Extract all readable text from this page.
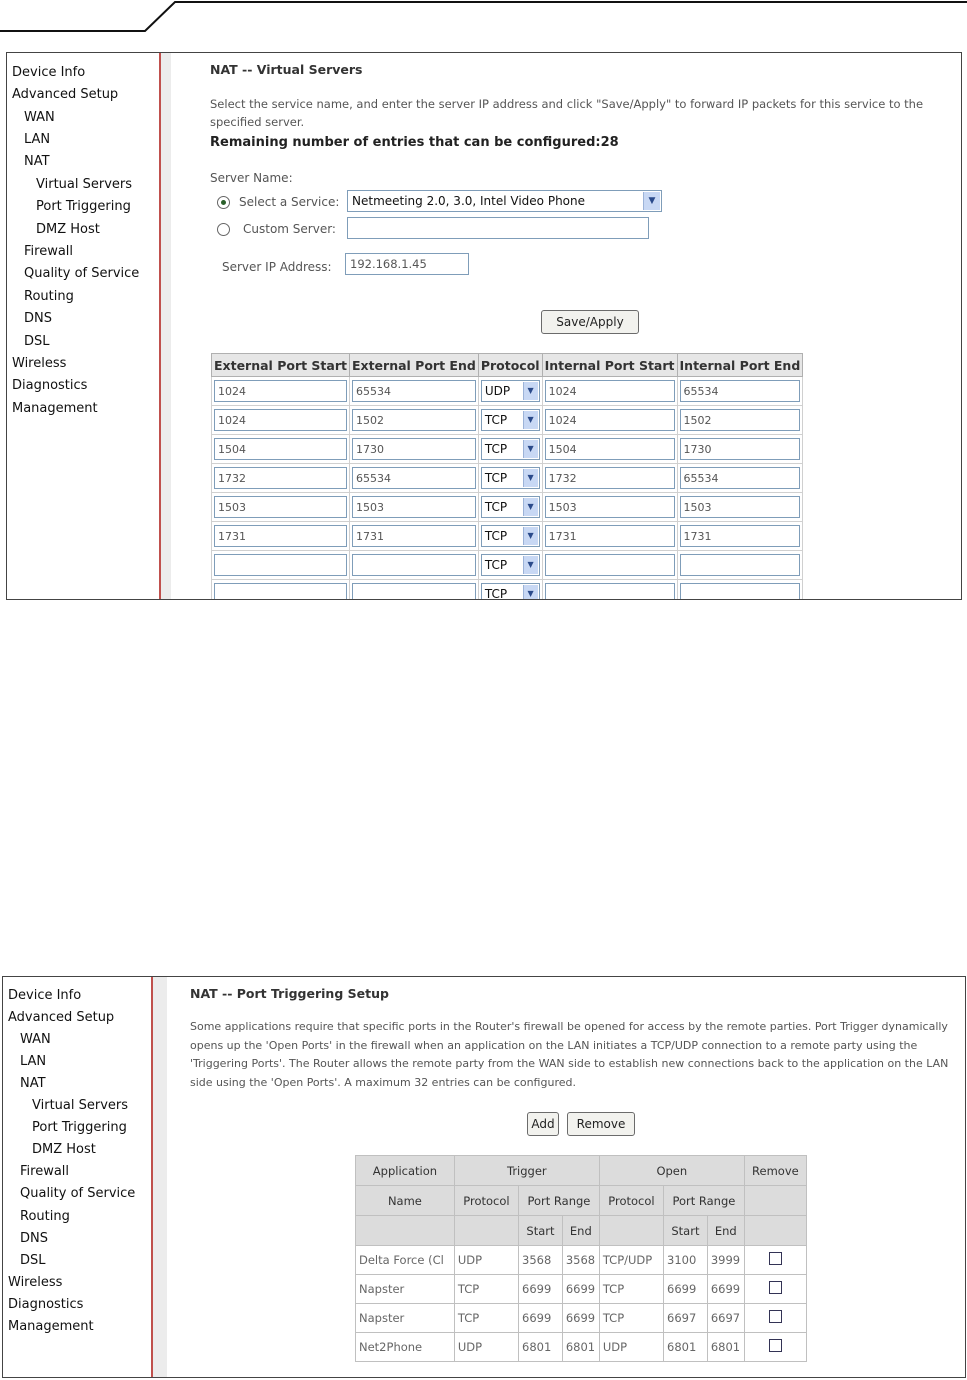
Device Info
Advanced Setup
WAN
LAN
NAT
Virtual Servers
Port Triggering
DMZ Host
Firewall
Quality of Service
Routing
DNS
DSL
Wireless
Diagnostics
Management
NAT -- Virtual Servers
Select the service name, and enter the server IP address and click "Save/Apply" to forward IP packets for this service to the specified server.
Remaining number of entries that can be configured:28
Server Name:
Select a Service:	Netmeeting 2.0, 3.0, Intel Video Phone	▼
Custom Server:
Server IP Address:	192.168.1.45
Save/Apply
External Port Start	External Port End	Protocol	Internal Port Start	Internal Port End

1024	65534	UDP ▼	1024	65534

1024	1502	TCP ▼	1024	1502

1504	1730	TCP ▼	1504	1730

1732	65534	TCP ▼	1732	65534

1503	1503	TCP ▼	1503	1503

1731	1731	TCP ▼	1731	1731

		TCP ▼		

		TCP ▼		

Device Info
Advanced Setup
WAN
LAN
NAT
Virtual Servers
Port Triggering
DMZ Host
Firewall
Quality of Service
Routing
DNS
DSL
Wireless
Diagnostics
Management
NAT -- Port Triggering Setup
Some applications require that specific ports in the Router's firewall be opened for access by the remote parties. Port Trigger dynamically opens up the 'Open Ports' in the firewall when an application on the LAN initiates a TCP/UDP connection to a remote party using the 'Triggering Ports'. The Router allows the remote party from the WAN side to establish new connections back to the application on the LAN side using the 'Open Ports'. A maximum 32 entries can be configured.
Add	Remove
Application	Trigger			Open			Remove
Name	Protocol	Port Range		Protocol	Port Range		
		Start	End		Start	End	
Delta Force (Cl	UDP	3568	3568	TCP/UDP	3100	3999	
Napster	TCP	6699	6699	TCP	6699	6699	
Napster	TCP	6699	6699	TCP	6697	6697	
Net2Phone	UDP	6801	6801	UDP	6801	6801	
